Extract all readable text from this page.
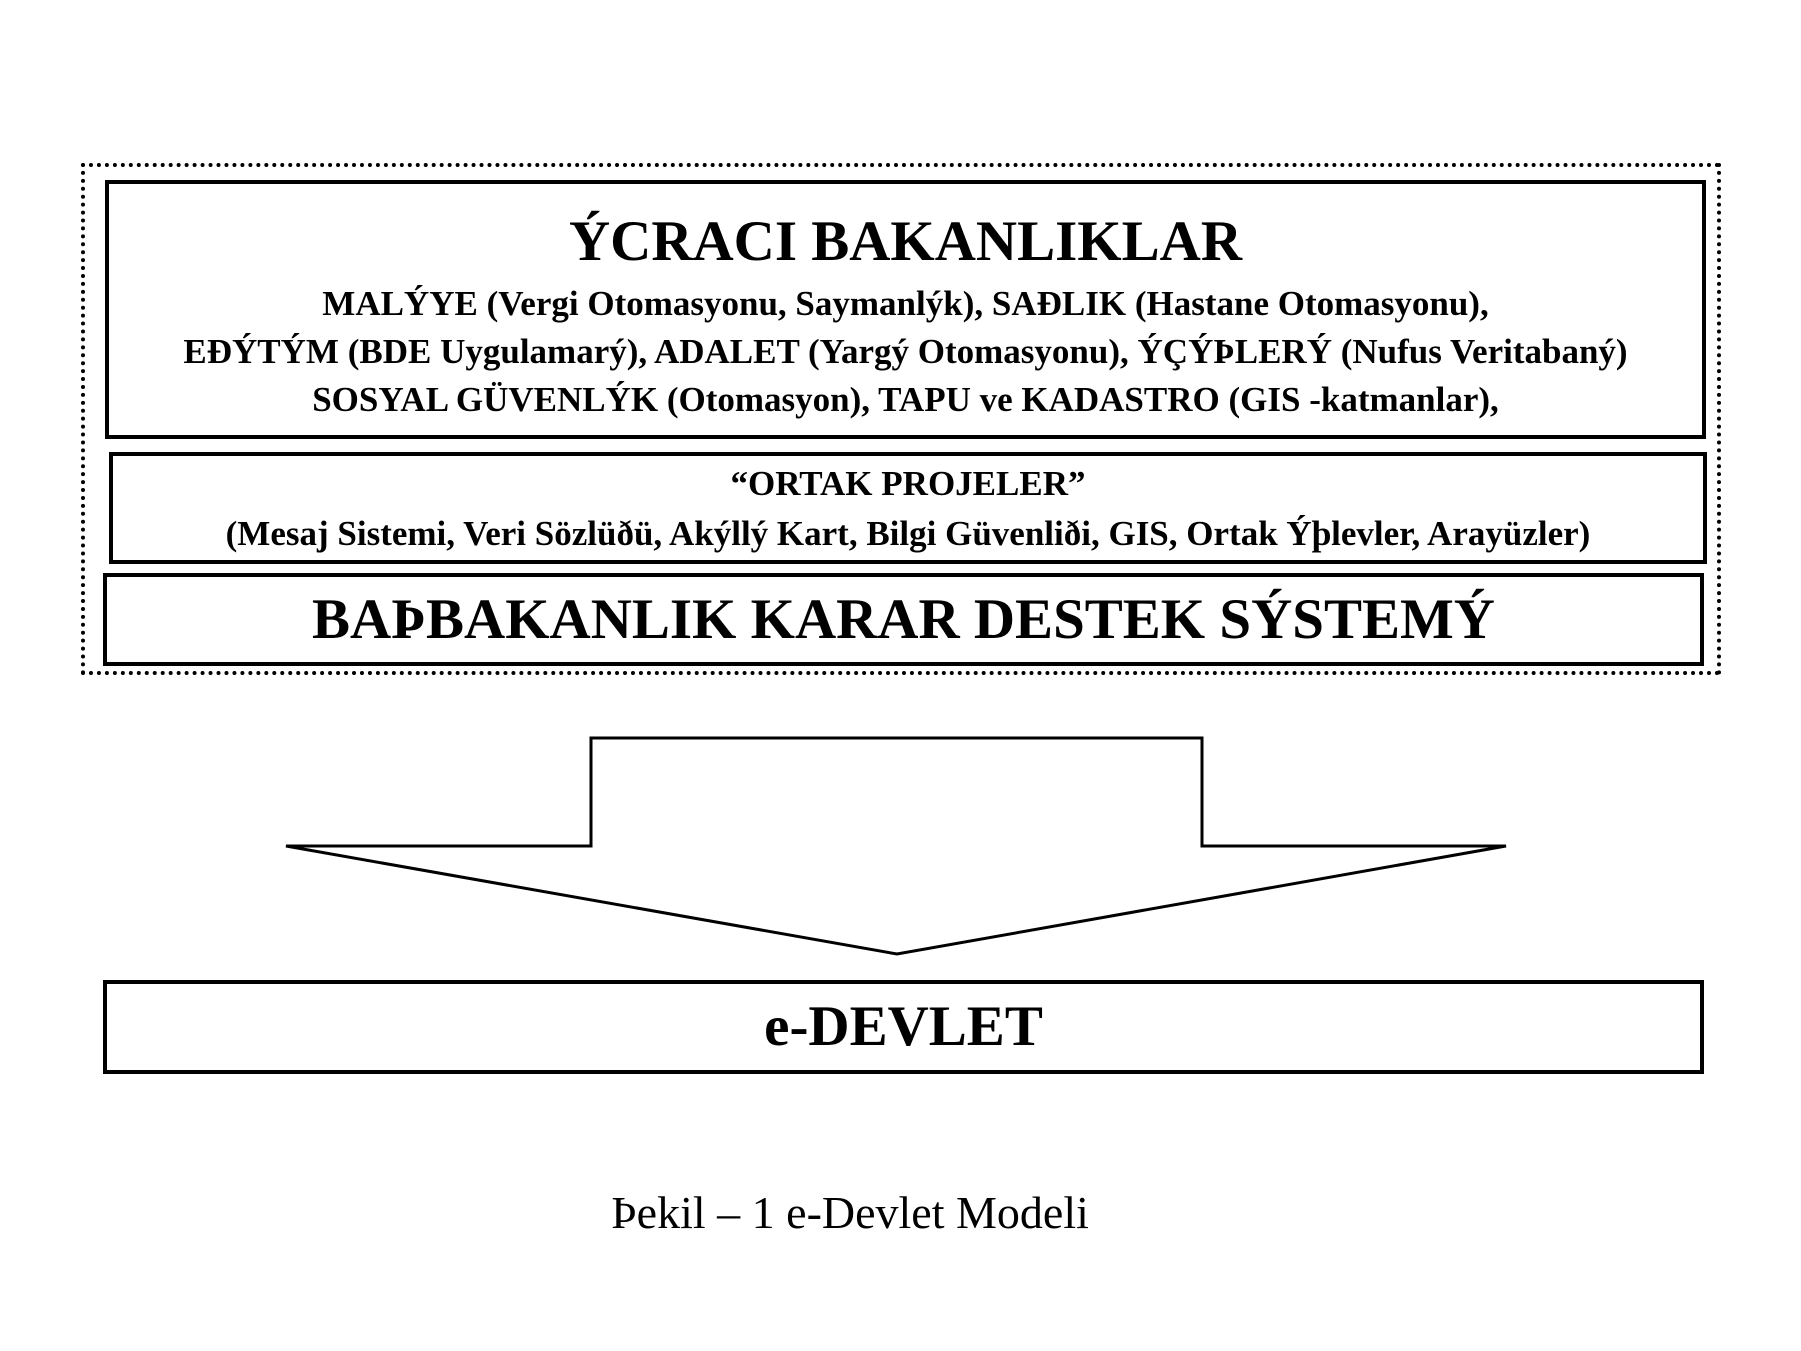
ÝCRACI BAKANLIKLAR
MALÝYE (Vergi Otomasyonu, Saymanlýk), SAÐLIK (Hastane Otomasyonu),
EÐÝTÝM (BDE Uygulamarý), ADALET (Yargý Otomasyonu), ÝÇÝÞLERÝ (Nufus Veritabaný)
SOSYAL GÜVENLÝK (Otomasyon), TAPU ve KADASTRO (GIS -katmanlar),
“ORTAK PROJELER”
(Mesaj Sistemi, Veri Sözlüðü, Akýllý Kart, Bilgi Güvenliði, GIS, Ortak Ýþlevler, Arayüzler)
BAÞBAKANLIK KARAR DESTEK SÝSTEMÝ
e-DEVLET
Þekil – 1 e-Devlet Modeli
